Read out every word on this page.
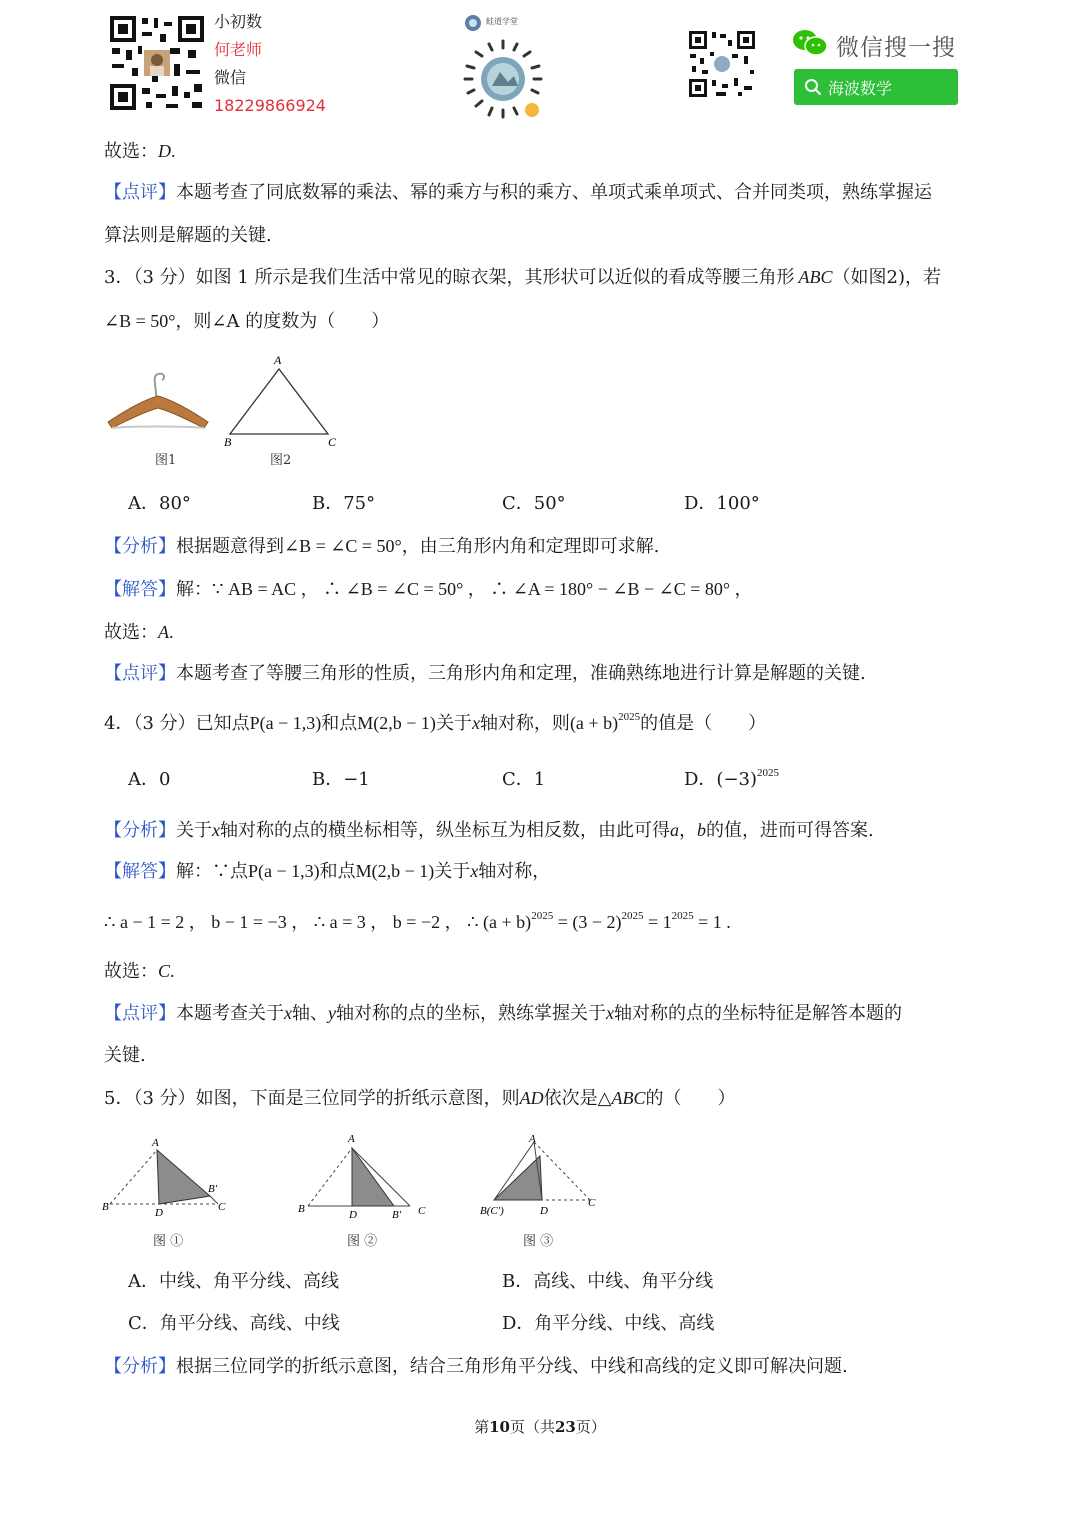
小初数
何老师
微信
18229866924
蛙道学堂
微信搜一搜
海波数学
故选：D.
【点评】本题考查了同底数幂的乘法、幂的乘方与积的乘方、单项式乘单项式、合并同类项，熟练掌握运
算法则是解题的关键.
3．（3 分）如图 1 所示是我们生活中常见的晾衣架，其形状可以近似的看成等腰三角形 ABC（如图2)，若
∠B = 50°，则∠A 的度数为（　　）
图1
A
B	C
图2
A．80°	B．75°	C．50°	D．100°
【分析】根据题意得到∠B = ∠C = 50°，由三角形内角和定理即可求解.
【解答】解：∵ AB = AC ， ∴ ∠B = ∠C = 50° ， ∴ ∠A = 180° − ∠B − ∠C = 80° ，
故选：A.
【点评】本题考查了等腰三角形的性质，三角形内角和定理，准确熟练地进行计算是解题的关键.
4．（3 分）已知点P(a − 1,3)和点M(2,b − 1)关于x轴对称，则$(a + b)^{2025}$的值是（　　）
A．0	B．−1	C．1	D．$(-3)^{2025}$
【分析】关于x轴对称的点的横坐标相等，纵坐标互为相反数，由此可得a，b的值，进而可得答案.
【解答】解：∵点P(a − 1,3)和点M(2,b − 1)关于x轴对称，
∴ a − 1 = 2 ， b − 1 = −3 ， ∴ a = 3 ， b = −2 ， ∴ $(a + b)^{2025} = (3 - 2)^{2025} = 1^{2025} = 1$ .
故选：C.
【点评】本题考查关于x轴、y轴对称的点的坐标，熟练掌握关于x轴对称的点的坐标特征是解答本题的
关键.
5．（3 分）如图，下面是三位同学的折纸示意图，则AD依次是△ABC的（　　）
A
B	D
B′
C
图 ①
A
B	D	B′ C
图 ②
A
B(C′)	D
C
图 ③
A．中线、角平分线、高线	B．高线、中线、角平分线
C．角平分线、高线、中线	D．角平分线、中线、高线
【分析】根据三位同学的折纸示意图，结合三角形角平分线、中线和高线的定义即可解决问题.
第10页（共23页）
